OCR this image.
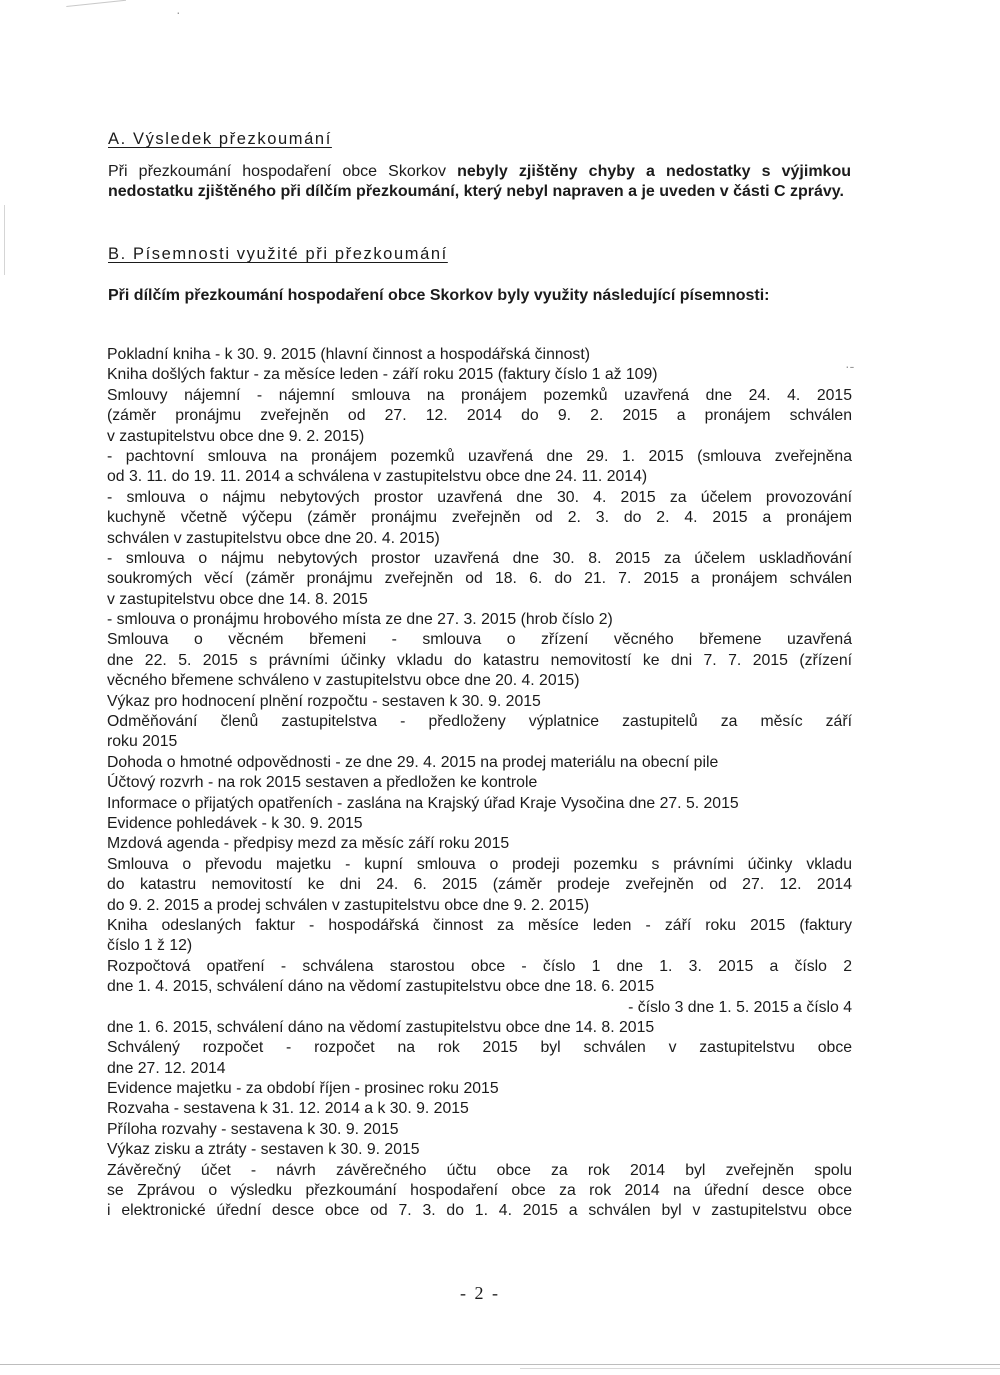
·
·-
A. Výsledek přezkoumání
Při přezkoumání hospodaření obce Skorkov nebyly zjištěny chyby a nedostatky s výjimkou nedostatku zjištěného při dílčím přezkoumání, který nebyl napraven a je uveden v části C zprávy.
B. Písemnosti využité při přezkoumání
Při dílčím přezkoumání hospodaření obce Skorkov byly využity následující písemnosti:
Pokladní kniha - k 30. 9. 2015 (hlavní činnost a hospodářská činnost)
Kniha došlých faktur - za měsíce leden - září roku 2015 (faktury číslo 1 až 109)
Smlouvy nájemní - nájemní smlouva na pronájem pozemků uzavřená dne 24. 4. 2015
(záměr pronájmu zveřejněn od 27. 12. 2014 do 9. 2. 2015 a pronájem schválen
v zastupitelstvu obce dne 9. 2. 2015)
- pachtovní smlouva na pronájem pozemků uzavřená dne 29. 1. 2015 (smlouva zveřejněna
od 3. 11. do 19. 11. 2014 a schválena v zastupitelstvu obce dne 24. 11. 2014)
- smlouva o nájmu nebytových prostor uzavřená dne 30. 4. 2015 za účelem provozování
kuchyně včetně výčepu (záměr pronájmu zveřejněn od 2. 3. do 2. 4. 2015 a pronájem
schválen v zastupitelstvu obce dne 20. 4. 2015)
- smlouva o nájmu nebytových prostor uzavřená dne 30. 8. 2015 za účelem uskladňování
soukromých věcí (záměr pronájmu zveřejněn od 18. 6. do 21. 7. 2015 a pronájem schválen
v zastupitelstvu obce dne 14. 8. 2015
- smlouva o pronájmu hrobového místa ze dne 27. 3. 2015 (hrob číslo 2)
Smlouva o věcném břemeni - smlouva o zřízení věcného břemene uzavřená
dne 22. 5. 2015 s právními účinky vkladu do katastru nemovitostí ke dni 7. 7. 2015 (zřízení
věcného břemene schváleno v zastupitelstvu obce dne 20. 4. 2015)
Výkaz pro hodnocení plnění rozpočtu - sestaven k 30. 9. 2015
Odměňování členů zastupitelstva - předloženy výplatnice zastupitelů za měsíc září
roku 2015
Dohoda o hmotné odpovědnosti - ze dne 29. 4. 2015 na prodej materiálu na obecní pile
Účtový rozvrh - na rok 2015 sestaven a předložen ke kontrole
Informace o přijatých opatřeních - zaslána na Krajský úřad Kraje Vysočina dne 27. 5. 2015
Evidence pohledávek - k 30. 9. 2015
Mzdová agenda - předpisy mezd za měsíc září roku 2015
Smlouva o převodu majetku - kupní smlouva o prodeji pozemku s právními účinky vkladu
do katastru nemovitostí ke dni 24. 6. 2015 (záměr prodeje zveřejněn od 27. 12. 2014
do 9. 2. 2015 a prodej schválen v zastupitelstvu obce dne 9. 2. 2015)
Kniha odeslaných faktur - hospodářská činnost za měsíce leden - září roku 2015 (faktury
číslo 1 ž 12)
Rozpočtová opatření - schválena starostou obce - číslo 1 dne 1. 3. 2015 a číslo 2
dne 1. 4. 2015, schválení dáno na vědomí zastupitelstvu obce dne 18. 6. 2015
- číslo 3 dne 1. 5. 2015 a číslo 4
dne 1. 6. 2015, schválení dáno na vědomí zastupitelstvu obce dne 14. 8. 2015
Schválený rozpočet - rozpočet na rok 2015 byl schválen v zastupitelstvu obce
dne 27. 12. 2014
Evidence majetku - za období říjen - prosinec roku 2015
Rozvaha - sestavena k 31. 12. 2014 a k 30. 9. 2015
Příloha rozvahy - sestavena k 30. 9. 2015
Výkaz zisku a ztráty - sestaven k 30. 9. 2015
Závěrečný účet - návrh závěrečného účtu obce za rok 2014 byl zveřejněn spolu
se Zprávou o výsledku přezkoumání hospodaření obce za rok 2014 na úřední desce obce
i elektronické úřední desce obce od 7. 3. do 1. 4. 2015 a schválen byl v zastupitelstvu obce
- 2 -
